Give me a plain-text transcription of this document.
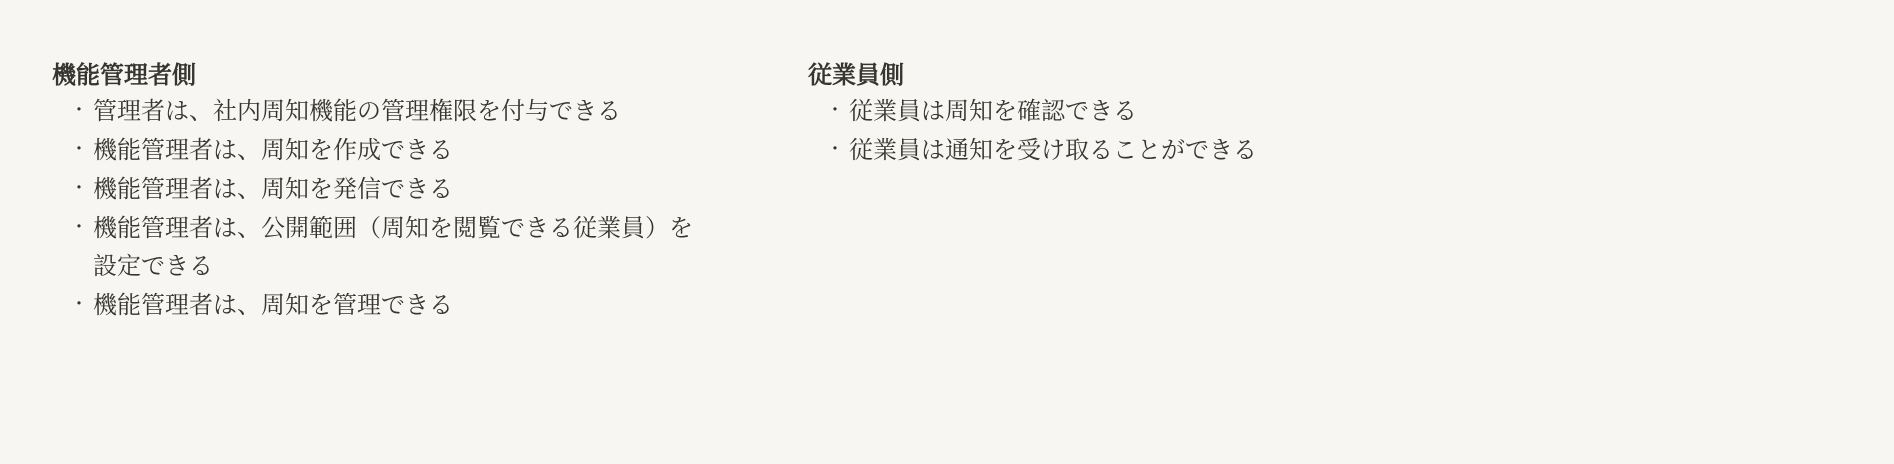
機能管理者側
・ 管理者は、社内周知機能の管理権限を付与できる
・ 機能管理者は、周知を作成できる
・ 機能管理者は、周知を発信できる
・ 機能管理者は、公開範囲（周知を閲覧できる従業員）を設定できる
・ 機能管理者は、周知を管理できる
従業員側
・ 従業員は周知を確認できる
・ 従業員は通知を受け取ることができる
